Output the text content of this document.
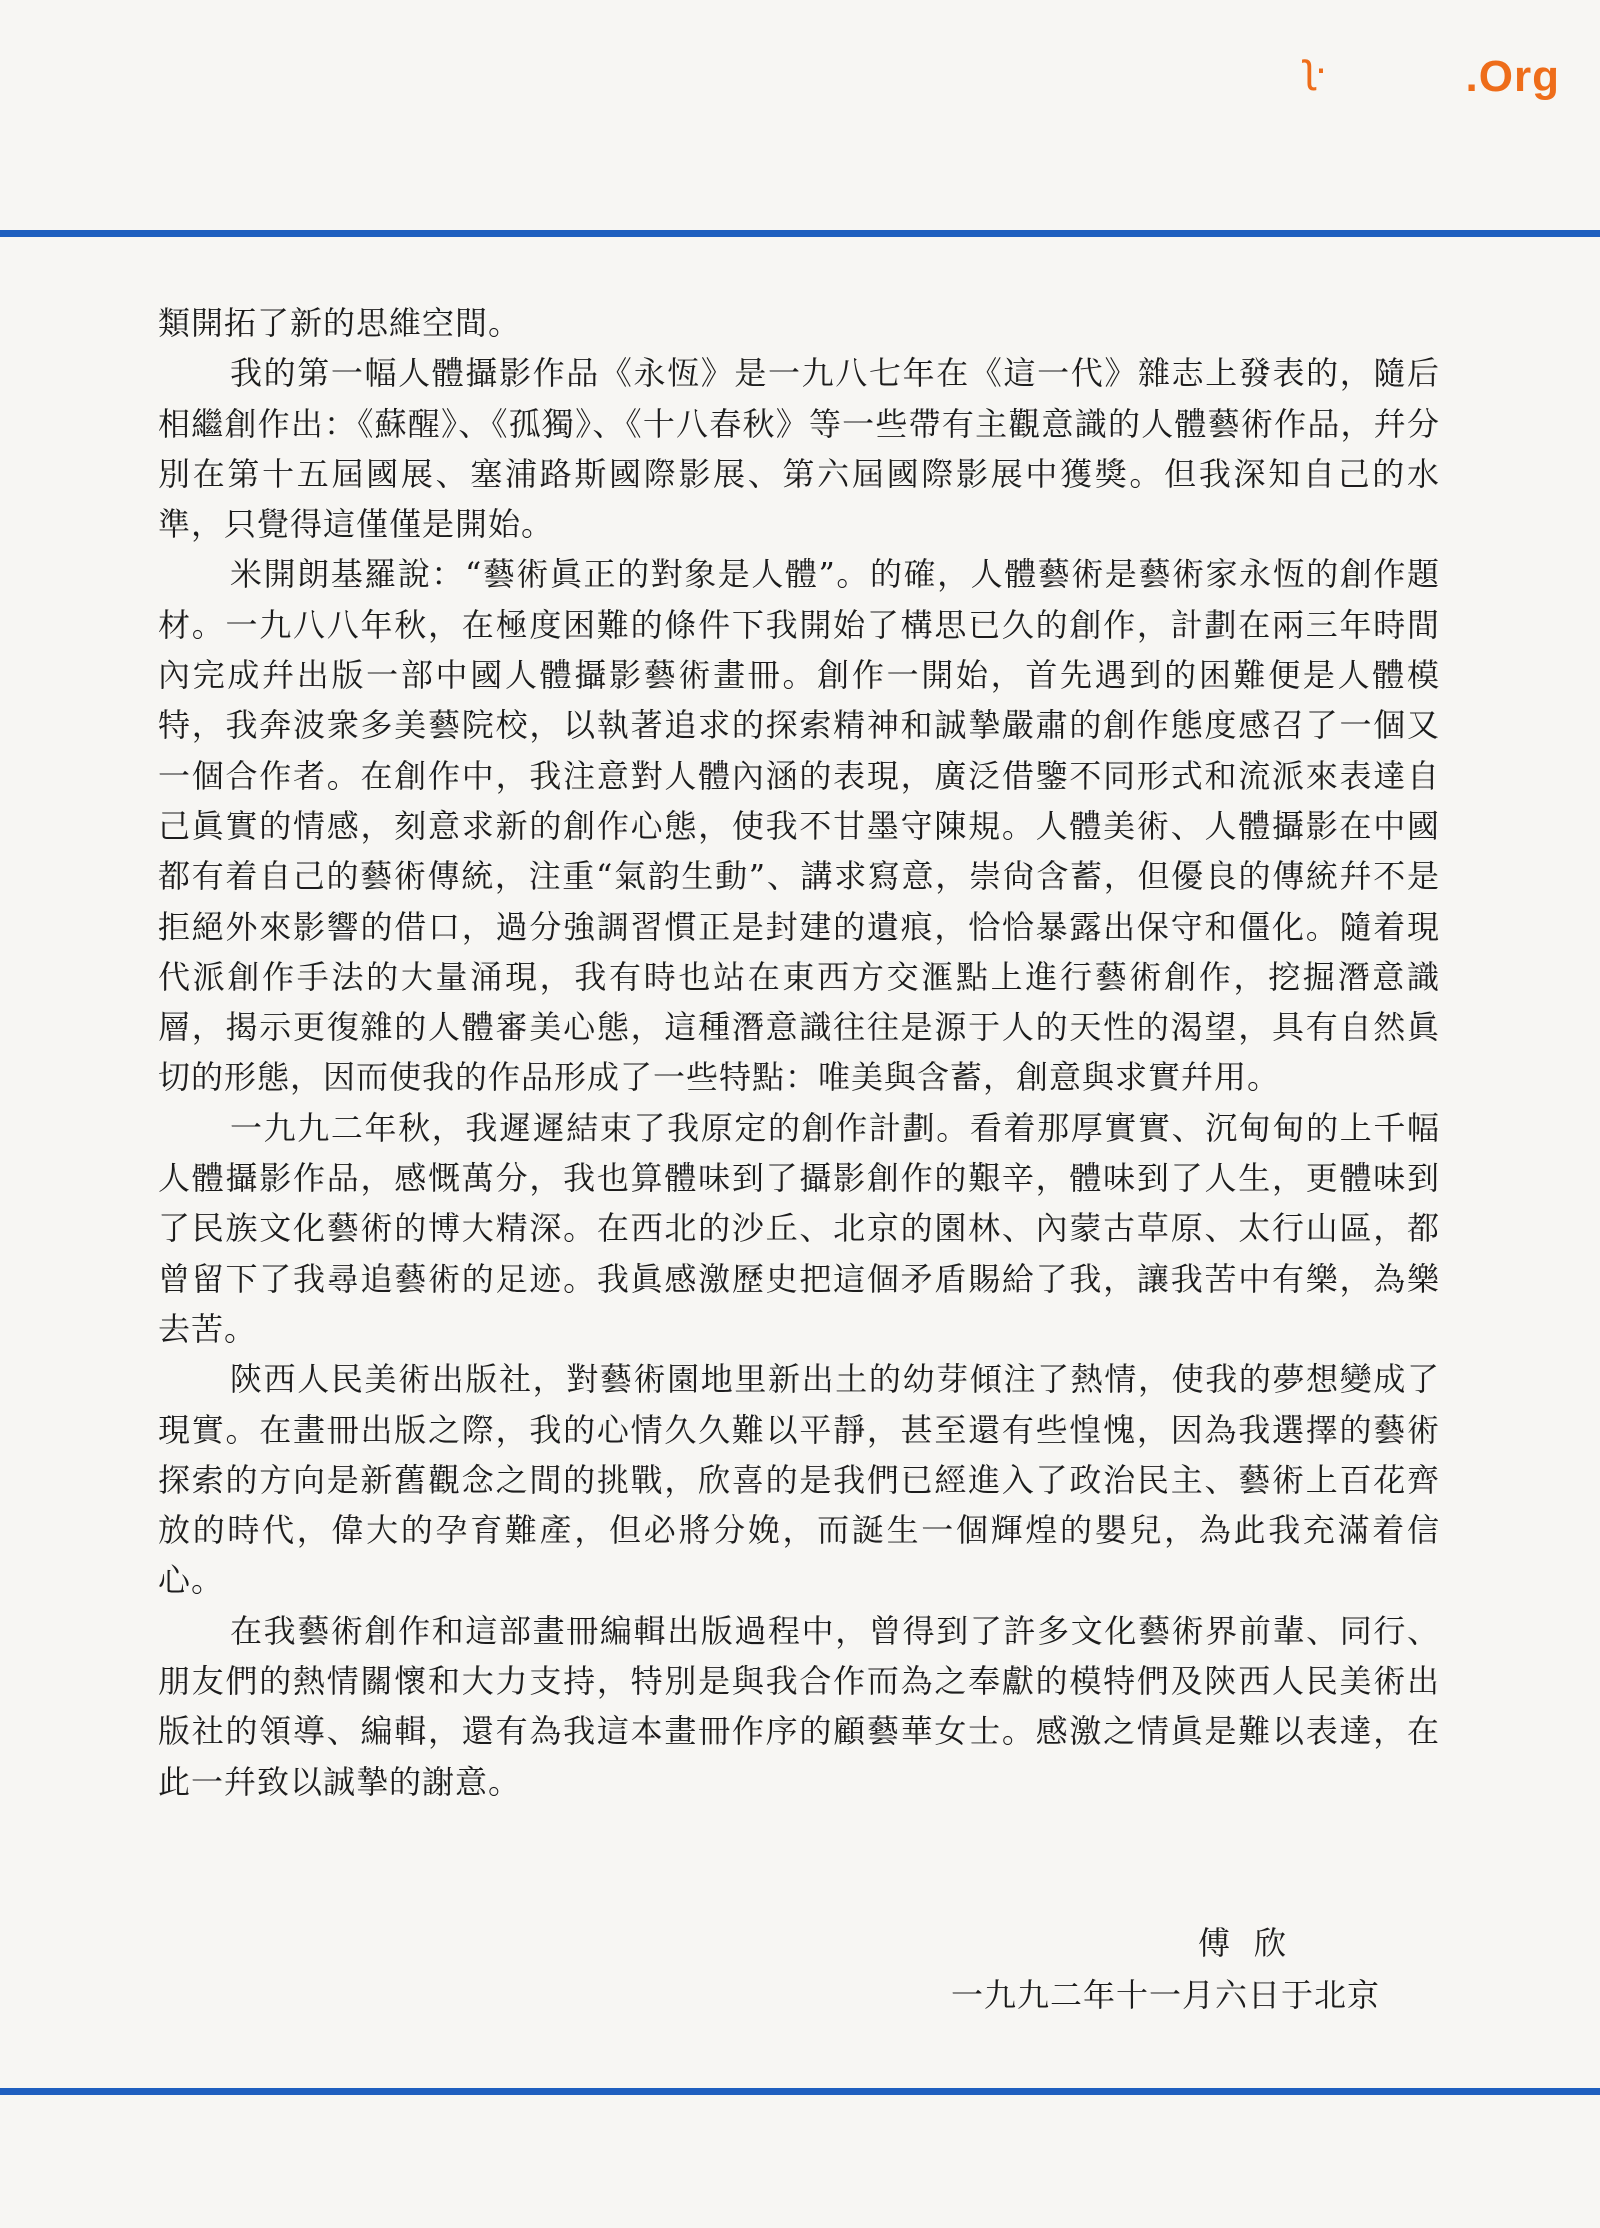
ʅ·	.Org

類開拓了新的思維空間。

我的第一幅人體攝影作品《永恆》是一九八七年在《這一代》雜志上發表的，隨后相繼創作出：《蘇醒》、《孤獨》、《十八春秋》等一些帶有主觀意識的人體藝術作品，幷分別在第十五屆國展、塞浦路斯國際影展、第六屆國際影展中獲獎。但我深知自己的水準，只覺得這僅僅是開始。

米開朗基羅說：“藝術眞正的對象是人體”。的確，人體藝術是藝術家永恆的創作題材。一九八八年秋，在極度困難的條件下我開始了構思已久的創作，計劃在兩三年時間內完成幷出版一部中國人體攝影藝術畫冊。創作一開始，首先遇到的困難便是人體模特，我奔波衆多美藝院校，以執著追求的探索精神和誠摯嚴肅的創作態度感召了一個又一個合作者。在創作中，我注意對人體內涵的表現，廣泛借鑒不同形式和流派來表達自己眞實的情感，刻意求新的創作心態，使我不甘墨守陳規。人體美術、人體攝影在中國都有着自己的藝術傳統，注重“氣韵生動”、講求寫意，崇尙含蓄，但優良的傳統幷不是拒絕外來影響的借口，過分強調習慣正是封建的遺痕，恰恰暴露出保守和僵化。隨着現代派創作手法的大量涌現，我有時也站在東西方交滙點上進行藝術創作，挖掘潛意識層，揭示更復雜的人體審美心態，這種潛意識往往是源于人的天性的渴望，具有自然眞切的形態，因而使我的作品形成了一些特點：唯美與含蓄，創意與求實幷用。

一九九二年秋，我遲遲結束了我原定的創作計劃。看着那厚實實、沉甸甸的上千幅人體攝影作品，感慨萬分，我也算體味到了攝影創作的艱辛，體味到了人生，更體味到了民族文化藝術的博大精深。在西北的沙丘、北京的園林、內蒙古草原、太行山區，都曾留下了我尋追藝術的足迹。我眞感激歷史把這個矛盾賜給了我，讓我苦中有樂，為樂去苦。

陝西人民美術出版社，對藝術園地里新出土的幼芽傾注了熱情，使我的夢想變成了現實。在畫冊出版之際，我的心情久久難以平靜，甚至還有些惶愧，因為我選擇的藝術探索的方向是新舊觀念之間的挑戰，欣喜的是我們已經進入了政治民主、藝術上百花齊放的時代，偉大的孕育難產，但必將分娩，而誕生一個輝煌的嬰兒，為此我充滿着信心。

在我藝術創作和這部畫冊編輯出版過程中，曾得到了許多文化藝術界前輩、同行、朋友們的熱情關懷和大力支持，特別是與我合作而為之奉獻的模特們及陝西人民美術出版社的領導、編輯，還有為我這本畫冊作序的顧藝華女士。感激之情眞是難以表達，在此一幷致以誠摯的謝意。

傅欣
一九九二年十一月六日于北京
